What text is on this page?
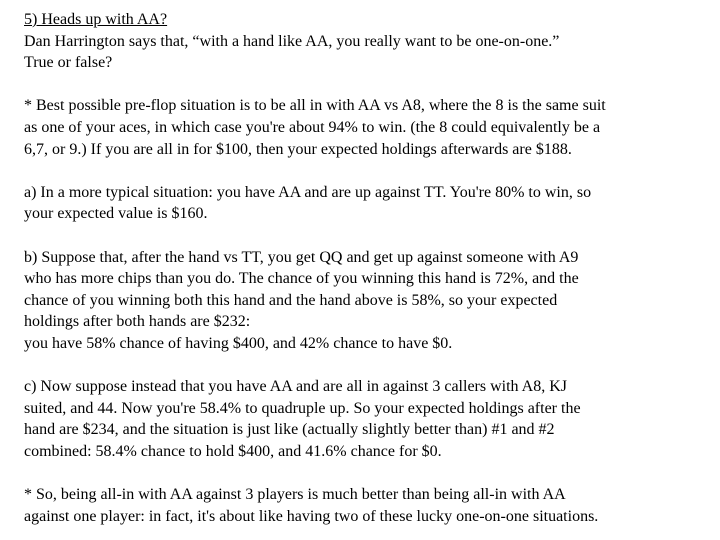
5) Heads up with AA?
Dan Harrington says that, “with a hand like AA, you really want to be one-on-one.”
True or false?
* Best possible pre-flop situation is to be all in with AA vs A8, where the 8 is the same suit
as one of your aces, in which case you're about 94% to win. (the 8 could equivalently be a
6,7, or 9.) If you are all in for $100, then your expected holdings afterwards are $188.
a) In a more typical situation: you have AA and are up against TT. You're 80% to win, so
your expected value is $160.
b) Suppose that, after the hand vs TT, you get QQ and get up against someone with A9
who has more chips than you do. The chance of you winning this hand is 72%, and the
chance of you winning both this hand and the hand above is 58%, so your expected
holdings after both hands are $232:
you have 58% chance of having $400, and 42% chance to have $0.
c) Now suppose instead that you have AA and are all in against 3 callers with A8, KJ
suited, and 44. Now you're 58.4% to quadruple up. So your expected holdings after the
hand are $234, and the situation is just like (actually slightly better than) #1 and #2
combined: 58.4% chance to hold $400, and 41.6% chance for $0.
* So, being all-in with AA against 3 players is much better than being all-in with AA
against one player: in fact, it's about like having two of these lucky one-on-one situations.
